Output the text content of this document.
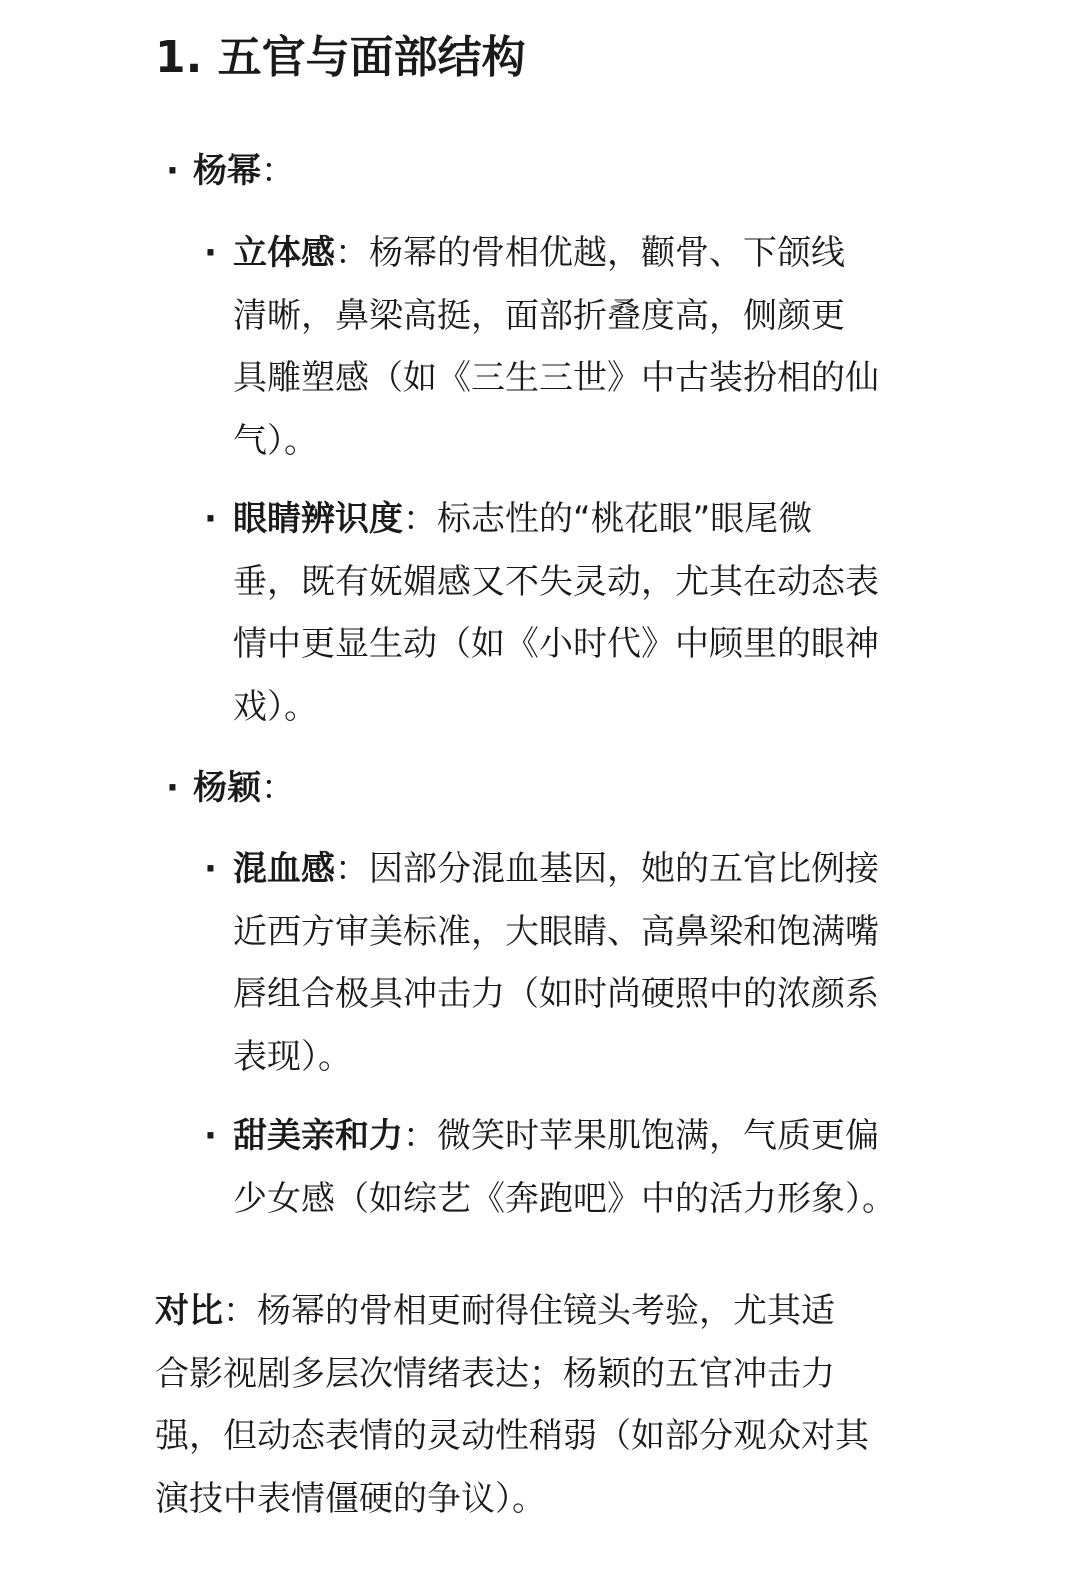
1. 五官与面部结构
· 杨幂：
· 立体感：杨幂的骨相优越，颧骨、下颌线
清晰，鼻梁高挺，面部折叠度高，侧颜更
具雕塑感（如《三生三世》中古装扮相的仙
气）。
· 眼睛辨识度：标志性的“桃花眼”眼尾微
垂，既有妩媚感又不失灵动，尤其在动态表
情中更显生动（如《小时代》中顾里的眼神
戏）。
· 杨颖：
· 混血感：因部分混血基因，她的五官比例接
近西方审美标准，大眼睛、高鼻梁和饱满嘴
唇组合极具冲击力（如时尚硬照中的浓颜系
表现）。
· 甜美亲和力：微笑时苹果肌饱满，气质更偏
少女感（如综艺《奔跑吧》中的活力形象）。
对比：杨幂的骨相更耐得住镜头考验，尤其适
合影视剧多层次情绪表达；杨颖的五官冲击力
强，但动态表情的灵动性稍弱（如部分观众对其
演技中表情僵硬的争议）。
